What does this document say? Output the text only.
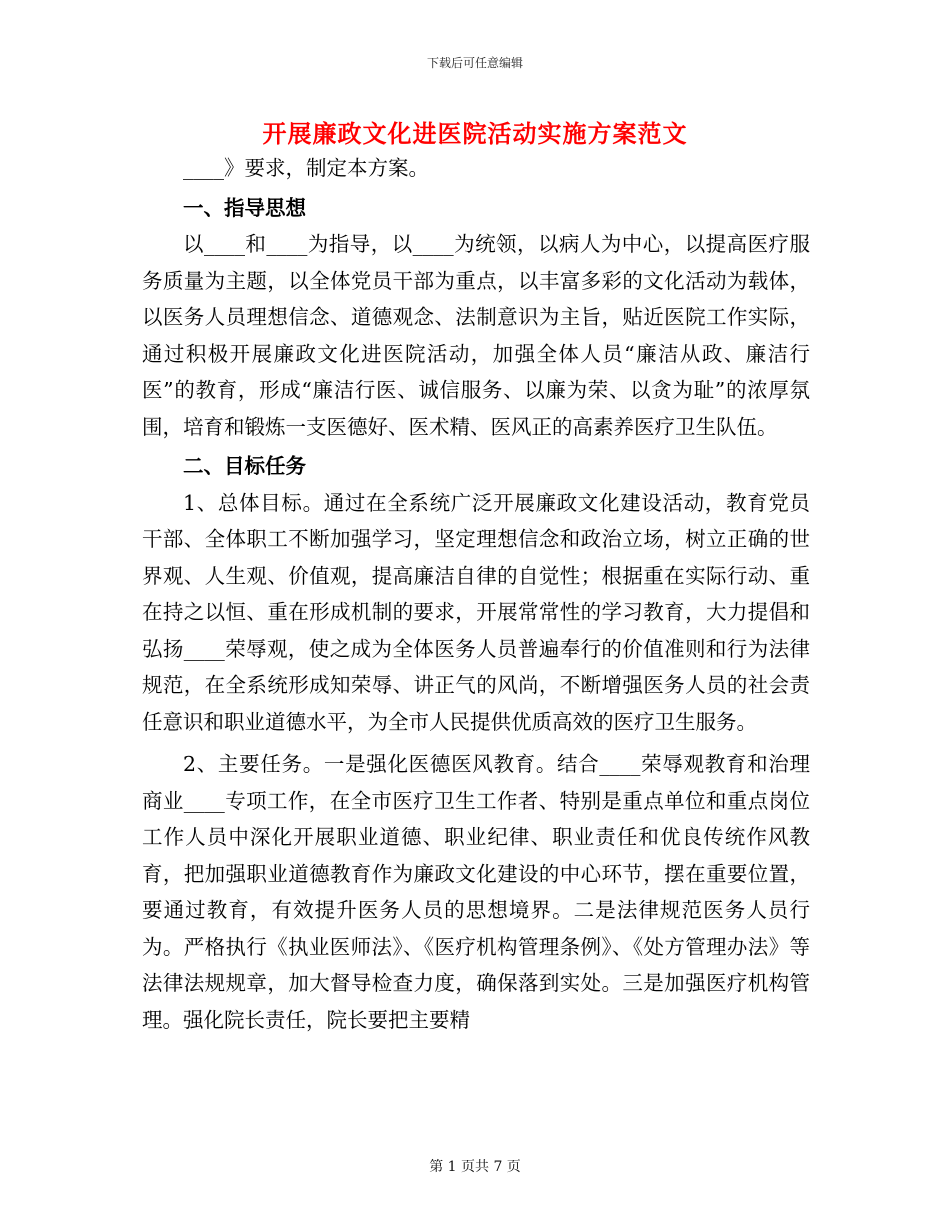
下载后可任意编辑
开展廉政文化进医院活动实施方案范文

____》要求，制定本方案。

一、指导思想

以____和____为指导，以____为统领，以病人为中心，以提高医疗服务质量为主题，以全体党员干部为重点，以丰富多彩的文化活动为载体，以医务人员理想信念、道德观念、法制意识为主旨，贴近医院工作实际，通过积极开展廉政文化进医院活动，加强全体人员“廉洁从政、廉洁行医”的教育，形成“廉洁行医、诚信服务、以廉为荣、以贪为耻”的浓厚氛围，培育和锻炼一支医德好、医术精、医风正的高素养医疗卫生队伍。

二、目标任务

1、总体目标。通过在全系统广泛开展廉政文化建设活动，教育党员干部、全体职工不断加强学习，坚定理想信念和政治立场，树立正确的世界观、人生观、价值观，提高廉洁自律的自觉性；根据重在实际行动、重在持之以恒、重在形成机制的要求，开展常常性的学习教育，大力提倡和弘扬____荣辱观，使之成为全体医务人员普遍奉行的价值准则和行为法律规范，在全系统形成知荣辱、讲正气的风尚，不断增强医务人员的社会责任意识和职业道德水平，为全市人民提供优质高效的医疗卫生服务。

2、主要任务。一是强化医德医风教育。结合____荣辱观教育和治理商业____专项工作，在全市医疗卫生工作者、特别是重点单位和重点岗位工作人员中深化开展职业道德、职业纪律、职业责任和优良传统作风教育，把加强职业道德教育作为廉政文化建设的中心环节，摆在重要位置，要通过教育，有效提升医务人员的思想境界。二是法律规范医务人员行为。严格执行《执业医师法》、《医疗机构管理条例》、《处方管理办法》等法律法规规章，加大督导检查力度，确保落到实处。三是加强医疗机构管理。强化院长责任，院长要把主要精

第 1 页共 7 页
